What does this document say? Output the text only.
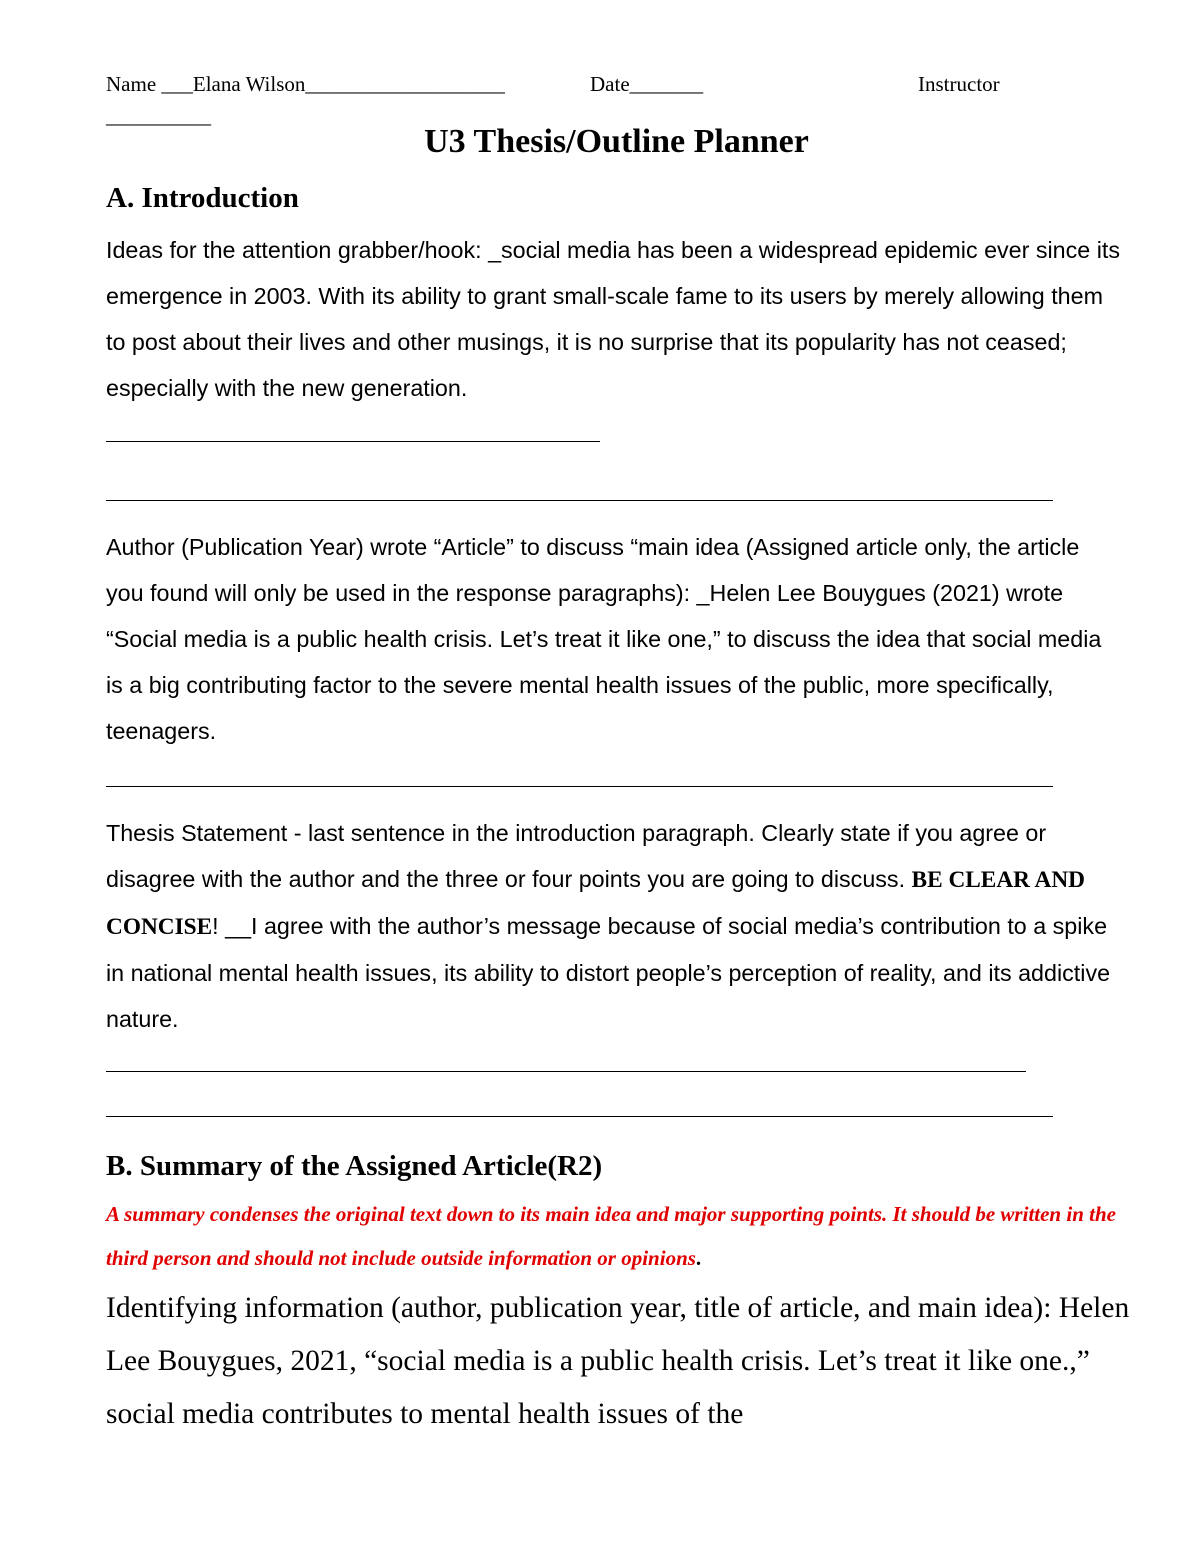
Name ___Elana Wilson___________________	Date_______	Instructor
__________
U3 Thesis/Outline Planner
A. Introduction
Ideas for the attention grabber/hook: _social media has been a widespread epidemic ever since its emergence in 2003. With its ability to grant small-scale fame to its users by merely allowing them to post about their lives and other musings, it is no surprise that its popularity has not ceased; especially with the new generation.
Author (Publication Year) wrote “Article” to discuss “main idea (Assigned article only, the article you found will only be used in the response paragraphs): _Helen Lee Bouygues (2021) wrote “Social media is a public health crisis. Let’s treat it like one,” to discuss the idea that social media is a big contributing factor to the severe mental health issues of the public, more specifically, teenagers.
Thesis Statement - last sentence in the introduction paragraph. Clearly state if you agree or disagree with the author and the three or four points you are going to discuss. BE CLEAR AND CONCISE! __I agree with the author’s message because of social media’s contribution to a spike in national mental health issues, its ability to distort people’s perception of reality, and its addictive nature.
B. Summary of the Assigned Article(R2)
A summary condenses the original text down to its main idea and major supporting points. It should be written in the third person and should not include outside information or opinions.
Identifying information (author, publication year, title of article, and main idea): Helen Lee Bouygues, 2021, “social media is a public health crisis. Let’s treat it like one.,” social media contributes to mental health issues of the
